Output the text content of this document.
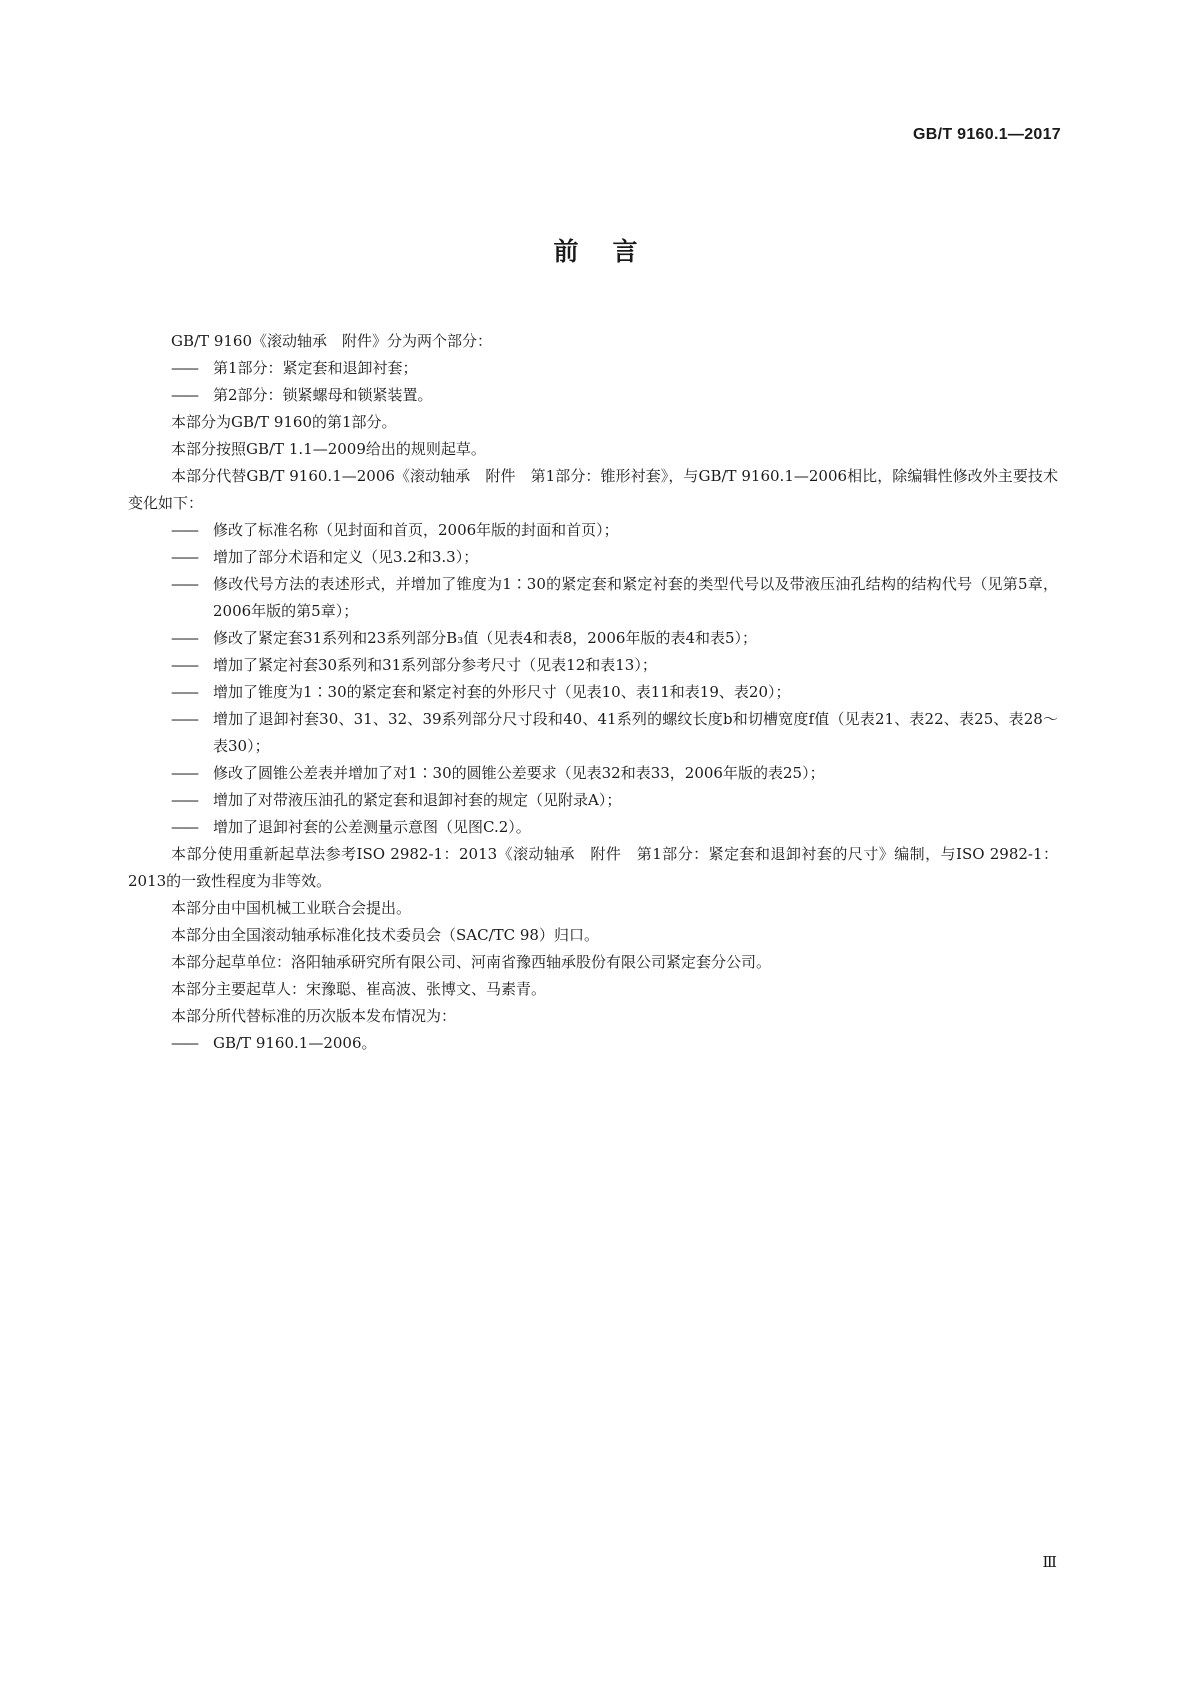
GB/T 9160.1—2017
前言

GB/T 9160《滚动轴承　附件》分为两个部分：

——	第1部分：紧定套和退卸衬套；
——	第2部分：锁紧螺母和锁紧装置。

本部分为GB/T 9160的第1部分。

本部分按照GB/T 1.1—2009给出的规则起草。

本部分代替GB/T 9160.1—2006《滚动轴承　附件　第1部分：锥形衬套》，与GB/T 9160.1—2006相比，除编辑性修改外主要技术变化如下：

——	修改了标准名称（见封面和首页，2006年版的封面和首页）；
——	增加了部分术语和定义（见3.2和3.3）；
——	修改代号方法的表述形式，并增加了锥度为1∶30的紧定套和紧定衬套的类型代号以及带液压油孔结构的结构代号（见第5章，2006年版的第5章）；
——	修改了紧定套31系列和23系列部分B₃值（见表4和表8，2006年版的表4和表5）；
——	增加了紧定衬套30系列和31系列部分参考尺寸（见表12和表13）；
——	增加了锥度为1∶30的紧定套和紧定衬套的外形尺寸（见表10、表11和表19、表20）；
——	增加了退卸衬套30、31、32、39系列部分尺寸段和40、41系列的螺纹长度b和切槽宽度f值（见表21、表22、表25、表28～表30）；
——	修改了圆锥公差表并增加了对1∶30的圆锥公差要求（见表32和表33，2006年版的表25）；
——	增加了对带液压油孔的紧定套和退卸衬套的规定（见附录A）；
——	增加了退卸衬套的公差测量示意图（见图C.2）。

本部分使用重新起草法参考ISO 2982-1：2013《滚动轴承　附件　第1部分：紧定套和退卸衬套的尺寸》编制，与ISO 2982-1：2013的一致性程度为非等效。

本部分由中国机械工业联合会提出。

本部分由全国滚动轴承标准化技术委员会（SAC/TC 98）归口。

本部分起草单位：洛阳轴承研究所有限公司、河南省豫西轴承股份有限公司紧定套分公司。

本部分主要起草人：宋豫聪、崔高波、张博文、马素青。

本部分所代替标准的历次版本发布情况为：

——	GB/T 9160.1—2006。
Ⅲ
